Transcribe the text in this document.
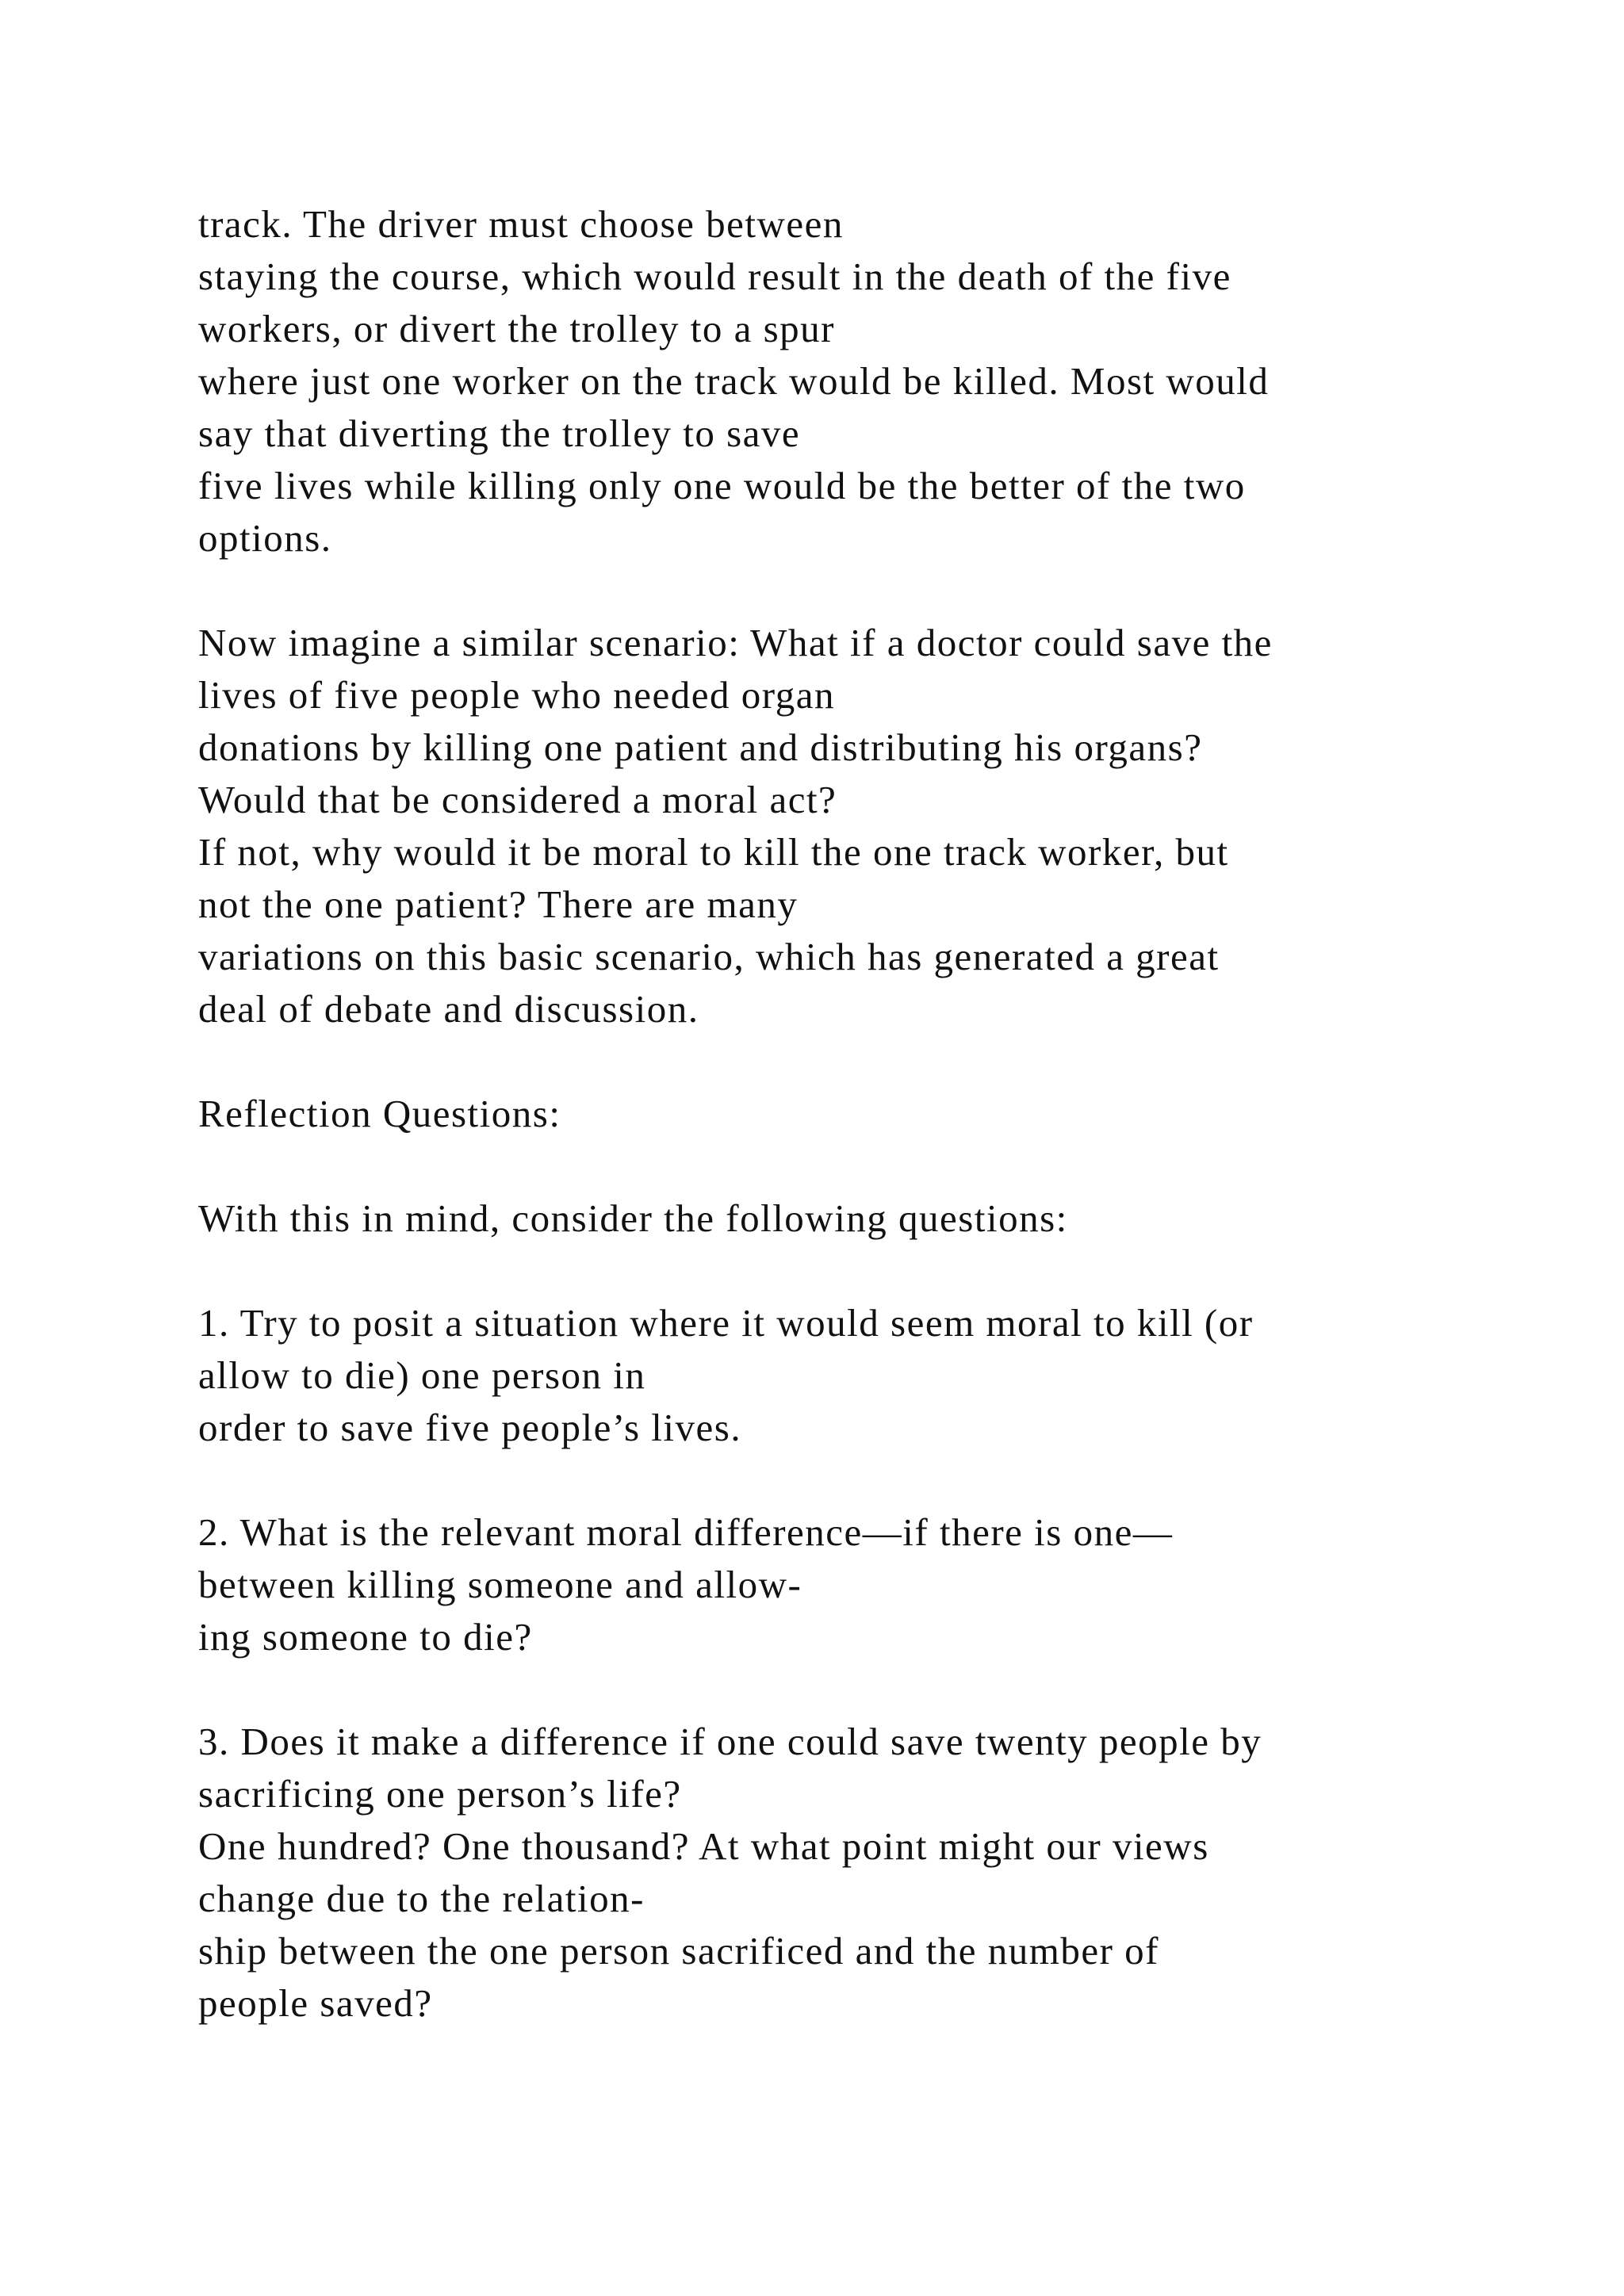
track. The driver must choose between
staying the course, which would result in the death of the five
workers, or divert the trolley to a spur
where just one worker on the track would be killed. Most would
say that diverting the trolley to save
five lives while killing only one would be the better of the two
options.
Now imagine a similar scenario: What if a doctor could save the
lives of five people who needed organ
donations by killing one patient and distributing his organs?
Would that be considered a moral act?
If not, why would it be moral to kill the one track worker, but
not the one patient? There are many
variations on this basic scenario, which has generated a great
deal of debate and discussion.
Reflection Questions:
With this in mind, consider the following questions:
1. Try to posit a situation where it would seem moral to kill (or
allow to die) one person in
order to save five people’s lives.
2. What is the relevant moral difference—if there is one—
between killing someone and allow-
ing someone to die?
3. Does it make a difference if one could save twenty people by
sacrificing one person’s life?
One hundred? One thousand? At what point might our views
change due to the relation-
ship between the one person sacrificed and the number of
people saved?
